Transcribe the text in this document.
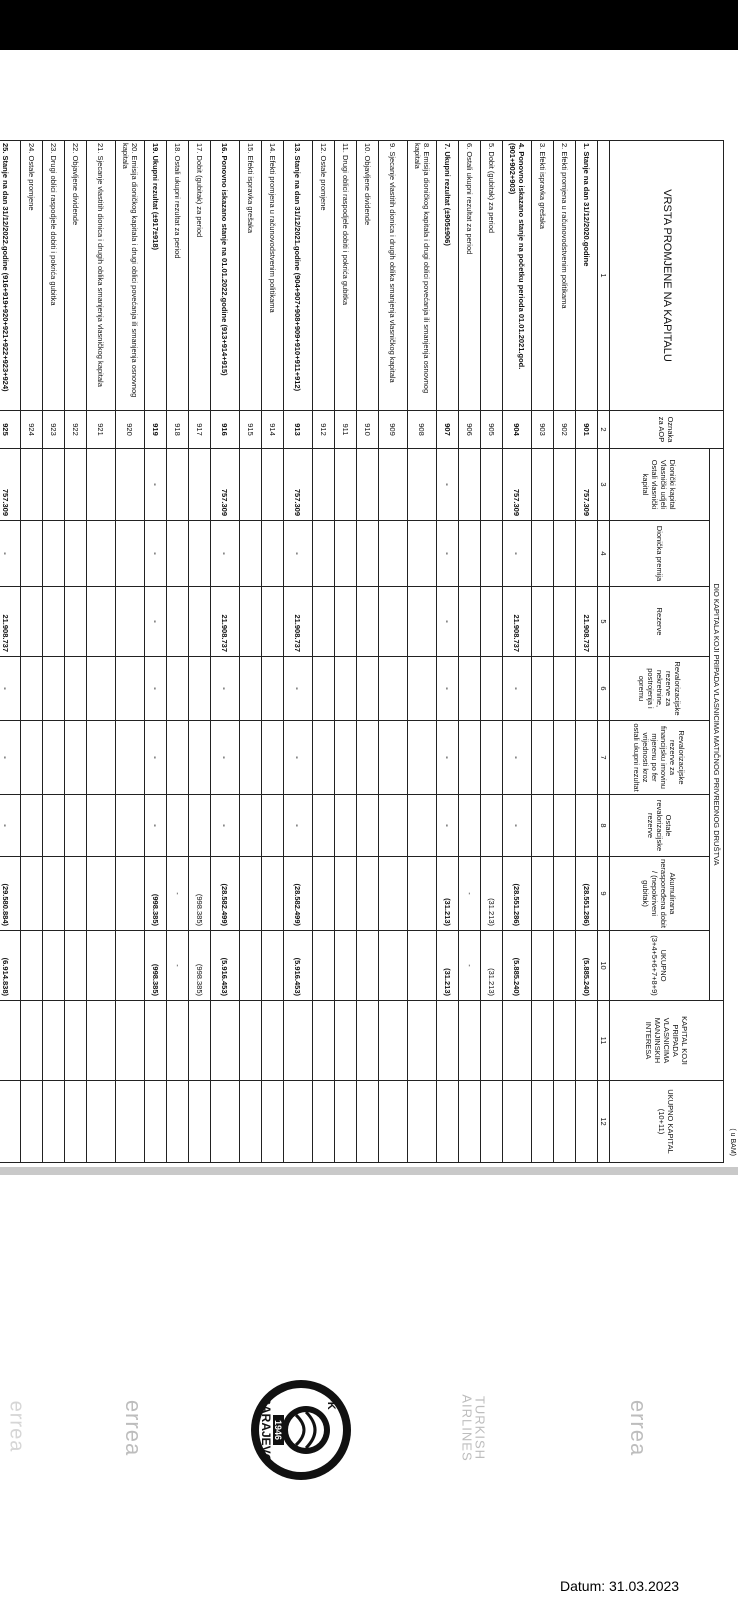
( u BAM)
VRSTA PROMJENE NA KAPITALU	Oznaka za AOP	DIO KAPITALA KOJI PRIPADA VLASNICIMA MATIČNOG PRIVREDNOG DRUŠTVA								KAPITAL KOJI PRIPADA VLASNICIMA MANJINSKIH INTERESA	UKUPNO KAPITAL (10+11)
		Dionički kapital Vlasnički udjeli Ostali vlasnički kapital	Dionička premija	Rezerve	Revalorizacijske rezerve za nekretnine, postrojenja i opremu	Revalorizacijske rezerve za financijsku imovinu mjerenu po fer vrijednosti kroz ostali ukupni rezultat	Ostale revalorizacijske rezerve	Akumulirana neraspoređena dobit / (nepokriveni gubitak)	UKUPNO (3+4+5+6+7+8+9)		
1	2	3	4	5	6	7	8	9	10	11	12
1. Stanje na dan 31/12/2020.godine	901	757.309		21.908.737				(28.551.286)	(5.885.240)		
2. Efekti promjena u računovodstvenim politikama	902										
3. Efekti ispravka grešaka	903										
4. Ponovno iskazano stanje na početku perioda 01.01.2021.god. (901+902+903)	904	757.309	-	21.908.737	-	-	-	(28.551.286)	(5.885.240)		
5. Dobit (gubitak) za period	905							(31.213)	(31.213)		
6. Ostali ukupni rezultat za period	906							-	-		
7. Ukupni rezultat (±905±906)	907	-	-	-	-	-	-	(31.213)	(31.213)		
8. Emisija dioničkog kapitala i drugi oblici povećanja ili smanjenja osnovnog kapitala	908										
9. Sjecanje vlastitih dionica i drugih oblika smanjenja vlasničkog kapitala	909										
10. Objavljene dividende	910										
11. Drugi oblici raspodjele dobiti i pokrića gubitka	911										
12. Ostale promjene	912										
13. Stanje na dan 31/12/2021.godine (904+907+908+909+910+911+912)	913	757.309	-	21.908.737	-	-	-	(28.582.499)	(5.916.453)		
14. Efekti promjena u računovodstvenim politikama	914										
15. Efekti ispravka grešaka	915										
16. Ponovno iskazano stanje na 01.01.2022.godine (913+914+915)	916	757.309	-	21.908.737	-	-	-	(28.582.499)	(5.916.453)		
17. Dobit (gubitak) za period	917							(998.385)	(998.385)		
18. Ostali ukupni rezultat za period	918							-	-		
19. Ukupni rezultat (±917±918)	919	-	-	-	-	-	-	(998.385)	(998.385)		
20. Emisija dioničkog kapitala i drugi oblici povećanja ili smanjenja osnovnog kapitala	920										
21. Sjecanje vlastitih dionica i drugih oblika smanjenja vlasničkog kapitala	921										
22. Objavljene dividende	922										
23. Drugi oblici raspodjele dobiti i pokrića gubitka	923										
24. Ostale promjene	924										
25. Stanje na dan 31/12/2022.godine (916+919+920+921+922+923+924)	925	757.309	-	21.908.737	-	-	-	(29.580.884)	(6.914.838)		
errea	errea	FK
SARAJEVO 1946	TURKISH
AIRLINES	errea
Datum: 31.03.2023
